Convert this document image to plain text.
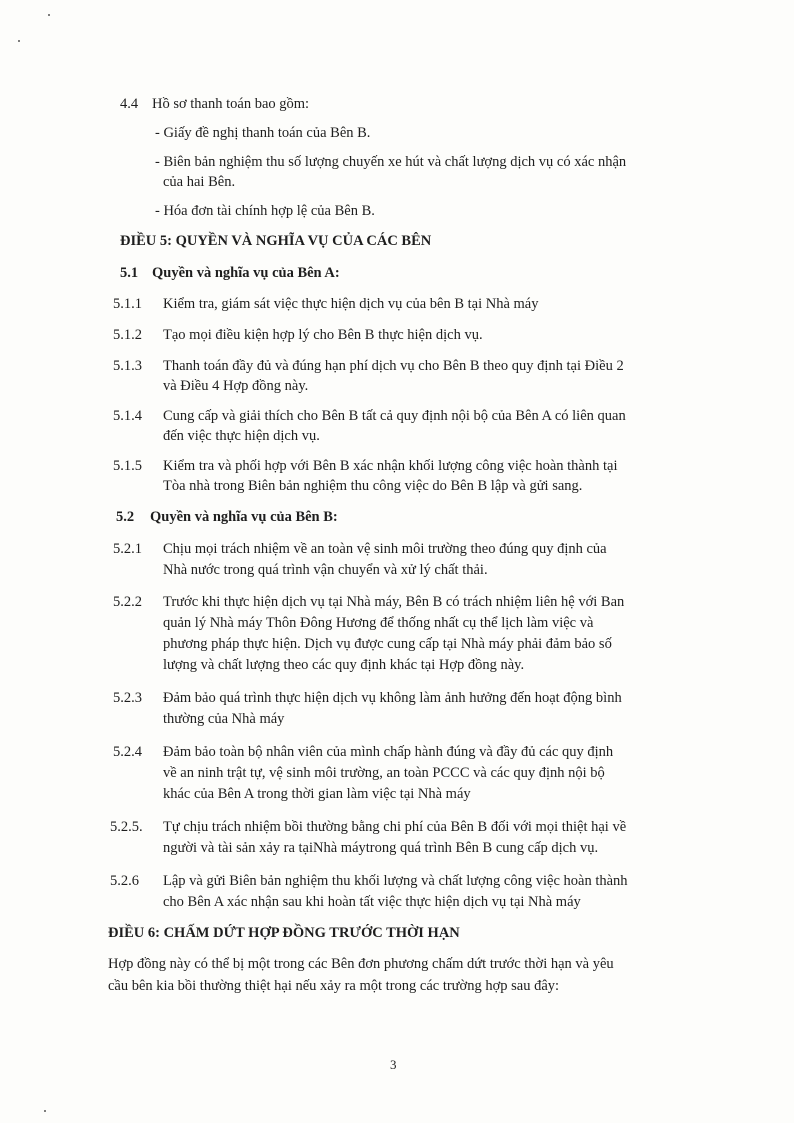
4.4 Hồ sơ thanh toán bao gồm:
- Giấy đề nghị thanh toán của Bên B.
- Biên bản nghiệm thu số lượng chuyến xe hút và chất lượng dịch vụ có xác nhận
của hai Bên.
- Hóa đơn tài chính hợp lệ của Bên B.
ĐIỀU 5: QUYỀN VÀ NGHĨA VỤ CỦA CÁC BÊN
5.1 Quyền và nghĩa vụ của Bên A:
5.1.1 Kiểm tra, giám sát việc thực hiện dịch vụ của bên B tại Nhà máy
5.1.2 Tạo mọi điều kiện hợp lý cho Bên B thực hiện dịch vụ.
5.1.3 Thanh toán đầy đủ và đúng hạn phí dịch vụ cho Bên B theo quy định tại Điều 2
và Điều 4 Hợp đồng này.
5.1.4 Cung cấp và giải thích cho Bên B tất cả quy định nội bộ của Bên A có liên quan
đến việc thực hiện dịch vụ.
5.1.5 Kiểm tra và phối hợp với Bên B xác nhận khối lượng công việc hoàn thành tại
Tòa nhà trong Biên bản nghiệm thu công việc do Bên B lập và gửi sang.
5.2 Quyền và nghĩa vụ của Bên B:
5.2.1 Chịu mọi trách nhiệm về an toàn vệ sinh môi trường theo đúng quy định của
Nhà nước trong quá trình vận chuyển và xử lý chất thải.
5.2.2 Trước khi thực hiện dịch vụ tại Nhà máy, Bên B có trách nhiệm liên hệ với Ban
quản lý Nhà máy Thôn Đông Hương để thống nhất cụ thể lịch làm việc và
phương pháp thực hiện. Dịch vụ được cung cấp tại Nhà máy phải đảm bảo số
lượng và chất lượng theo các quy định khác tại Hợp đồng này.
5.2.3 Đảm bảo quá trình thực hiện dịch vụ không làm ảnh hưởng đến hoạt động bình
thường của Nhà máy
5.2.4 Đảm bảo toàn bộ nhân viên của mình chấp hành đúng và đầy đủ các quy định
về an ninh trật tự, vệ sinh môi trường, an toàn PCCC và các quy định nội bộ
khác của Bên A trong thời gian làm việc tại Nhà máy
5.2.5. Tự chịu trách nhiệm bồi thường bằng chi phí của Bên B đối với mọi thiệt hại về
người và tài sản xảy ra tạiNhà máytrong quá trình Bên B cung cấp dịch vụ.
5.2.6 Lập và gửi Biên bản nghiệm thu khối lượng và chất lượng công việc hoàn thành
cho Bên A xác nhận sau khi hoàn tất việc thực hiện dịch vụ tại Nhà máy
ĐIỀU 6: CHẤM DỨT HỢP ĐỒNG TRƯỚC THỜI HẠN
Hợp đồng này có thể bị một trong các Bên đơn phương chấm dứt trước thời hạn và yêu
cầu bên kia bồi thường thiệt hại nếu xảy ra một trong các trường hợp sau đây:
3
